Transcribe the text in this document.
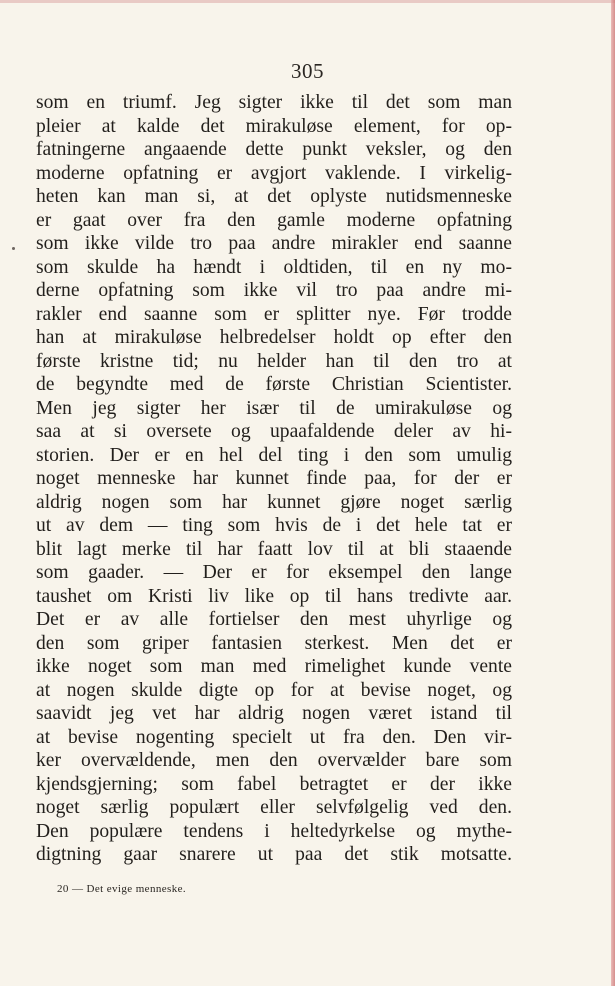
305
som en triumf. Jeg sigter ikke til det som man
pleier at kalde det mirakuløse element, for op-
fatningerne angaaende dette punkt veksler, og den
moderne opfatning er avgjort vaklende. I virkelig-
heten kan man si, at det oplyste nutidsmenneske
er gaat over fra den gamle moderne opfatning
som ikke vilde tro paa andre mirakler end saanne
som skulde ha hændt i oldtiden, til en ny mo-
derne opfatning som ikke vil tro paa andre mi-
rakler end saanne som er splitter nye. Før trodde
han at mirakuløse helbredelser holdt op efter den
første kristne tid; nu helder han til den tro at
de begyndte med de første Christian Scientister.
Men jeg sigter her især til de umirakuløse og
saa at si oversete og upaafaldende deler av hi-
storien. Der er en hel del ting i den som umulig
noget menneske har kunnet finde paa, for der er
aldrig nogen som har kunnet gjøre noget særlig
ut av dem — ting som hvis de i det hele tat er
blit lagt merke til har faatt lov til at bli staaende
som gaader. — Der er for eksempel den lange
taushet om Kristi liv like op til hans tredivte aar.
Det er av alle fortielser den mest uhyrlige og
den som griper fantasien sterkest. Men det er
ikke noget som man med rimelighet kunde vente
at nogen skulde digte op for at bevise noget, og
saavidt jeg vet har aldrig nogen været istand til
at bevise nogenting specielt ut fra den. Den vir-
ker overvældende, men den overvælder bare som
kjendsgjerning; som fabel betragtet er der ikke
noget særlig populært eller selvfølgelig ved den.
Den populære tendens i heltedyrkelse og mythe-
digtning gaar snarere ut paa det stik motsatte.
20 — Det evige menneske.
